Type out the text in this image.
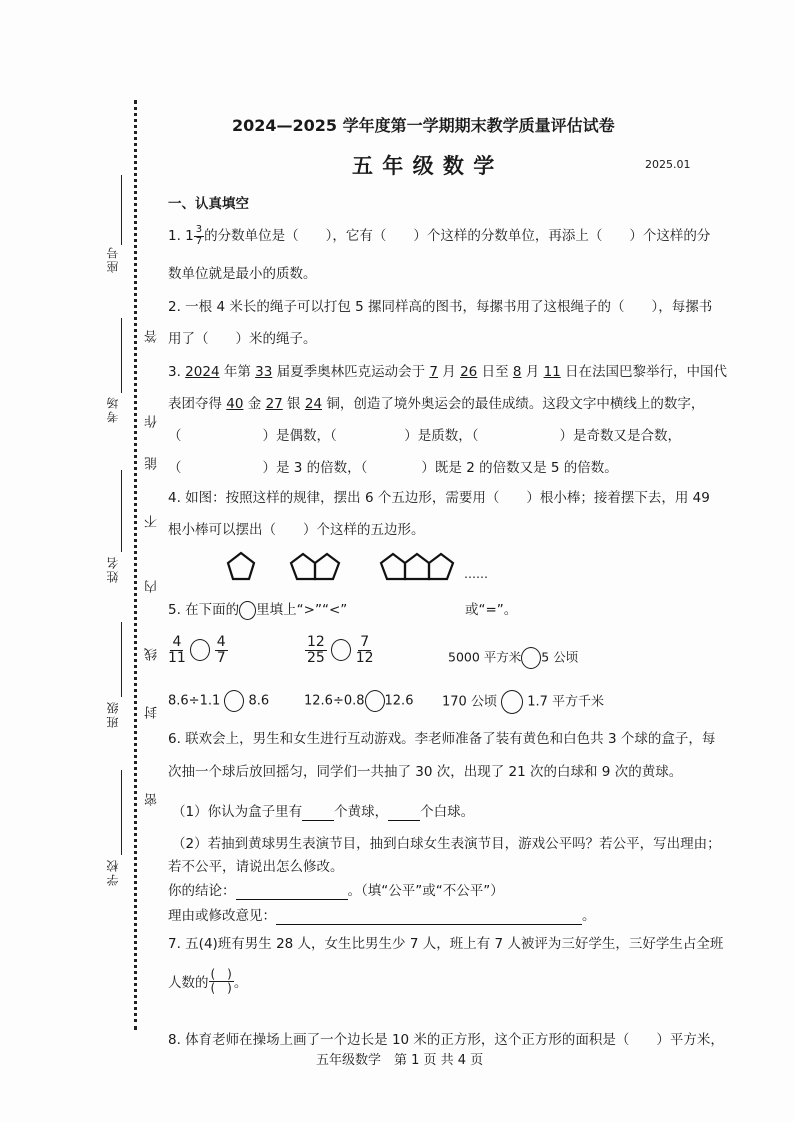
座号
考场
姓名
班级
学校
答
作
能
不
内
线
封
密
2024—2025 学年度第一学期期末教学质量评估试卷
五 年 级 数 学	2025.01
一、认真填空
1. $1 \frac{3}{7}$ 的分数单位是（　　），它有（　　）个这样的分数单位，再添上（　　）个这样的分
数单位就是最小的质数。
2. 一根 4 米长的绳子可以打包 5 摞同样高的图书，每摞书用了这根绳子的（　　），每摞书
用了（　　）米的绳子。
3. 2024 年第 33 届夏季奥林匹克运动会于 7 月 26 日至 8 月 11 日在法国巴黎举行，中国代
表团夺得 40 金 27 银 24 铜，创造了境外奥运会的最佳成绩。这段文字中横线上的数字，
（　　　　　　）是偶数，（　　　　　）是质数，（　　　　　　）是奇数又是合数，
（　　　　　　）是 3 的倍数，（　　　　）既是 2 的倍数又是 5 的倍数。
4. 如图：按照这样的规律，摆出 6 个五边形，需要用（　　）根小棒；接着摆下去，用 49
根小棒可以摆出（　　）个这样的五边形。
……
5. 在下面的 里填上“>”“<”	或“=”。
$\frac{4}{11}$
$\frac{4}{7}$	$\frac{12}{25}$
$\frac{7}{12}$	5000 平方米 5 公顷
8.6÷1.1 8.6	12.6÷0.8 12.6 170 公顷 1.7 平方千米
6. 联欢会上，男生和女生进行互动游戏。李老师准备了装有黄色和白色共 3 个球的盒子，每
次抽一个球后放回摇匀，同学们一共抽了 30 次，出现了 21 次的白球和 9 次的黄球。
（1）你认为盒子里有 个黄球， 个白球。
（2）若抽到黄球男生表演节目，抽到白球女生表演节目，游戏公平吗？若公平，写出理由；
若不公平，请说出怎么修改。
你的结论：	。（填“公平”或“不公平”）
理由或修改意见：	。
7. 五(4)班有男生 28 人，女生比男生少 7 人，班上有 7 人被评为三好学生，三好学生占全班
人数的 $\frac{( )}{( )}$ 。
8. 体育老师在操场上画了一个边长是 10 米的正方形，这个正方形的面积是（　　）平方米，
五年级数学　第 1 页 共 4 页
